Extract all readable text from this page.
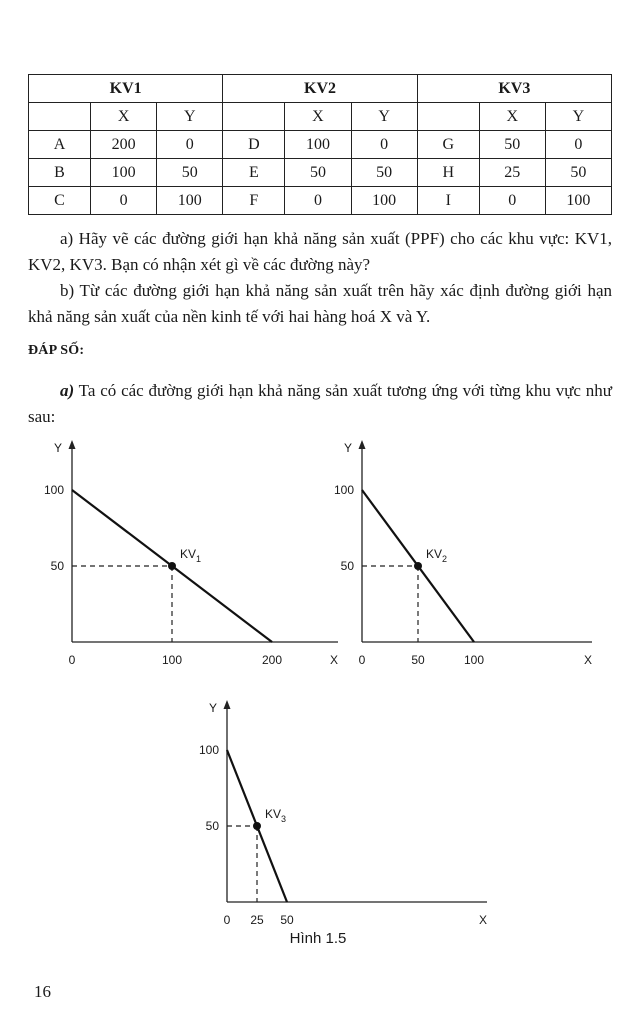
KV1			KV2			KV3		
	X	Y		X	Y		X	Y
A	200	0	D	100	0	G	50	0
B	100	50	E	50	50	H	25	50
C	0	100	F	0	100	I	0	100

a) Hãy vẽ các đường giới hạn khả năng sản xuất (PPF) cho các khu vực: KV1, KV2, KV3. Bạn có nhận xét gì về các đường này?

b) Từ các đường giới hạn khả năng sản xuất trên hãy xác định đường giới hạn khả năng sản xuất của nền kinh tế với hai hàng hoá X và Y.

ĐÁP SỐ:

a) Ta có các đường giới hạn khả năng sản xuất tương ứng với từng khu vực như sau:

Y
X
0	100	200
100
50
$KV_1$
Y
X
0	50	100
100
50
$KV_2$
Y
X
0 25 50
100
50
$KV_3$
Hình 1.5
16
